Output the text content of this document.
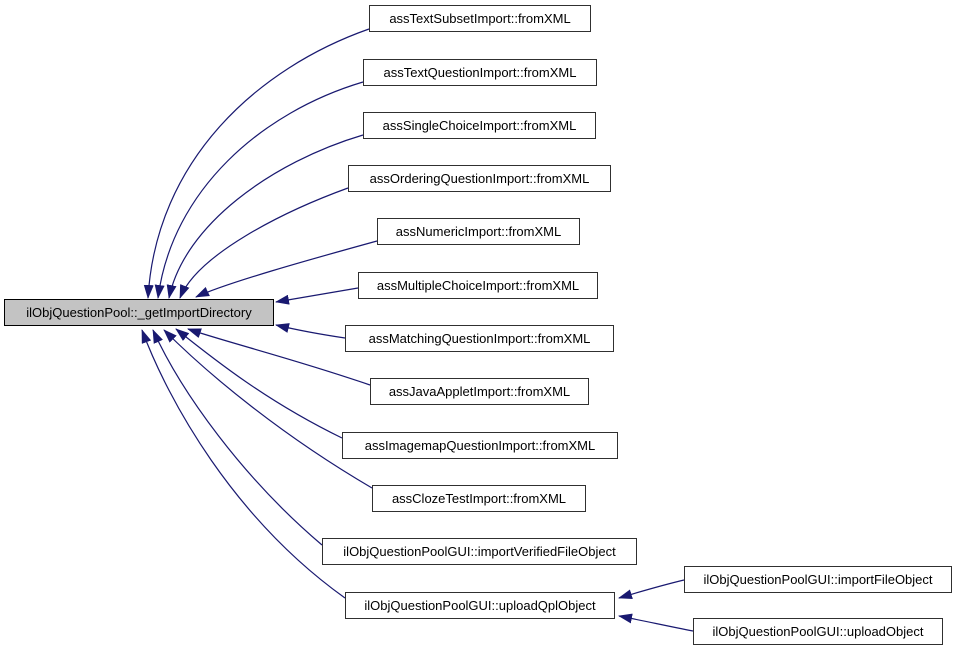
ilObjQuestionPool::_getImportDirectory
assTextSubsetImport::fromXML
assTextQuestionImport::fromXML
assSingleChoiceImport::fromXML
assOrderingQuestionImport::fromXML
assNumericImport::fromXML
assMultipleChoiceImport::fromXML
assMatchingQuestionImport::fromXML
assJavaAppletImport::fromXML
assImagemapQuestionImport::fromXML
assClozeTestImport::fromXML
ilObjQuestionPoolGUI::importVerifiedFileObject
ilObjQuestionPoolGUI::uploadQplObject
ilObjQuestionPoolGUI::importFileObject
ilObjQuestionPoolGUI::uploadObject
